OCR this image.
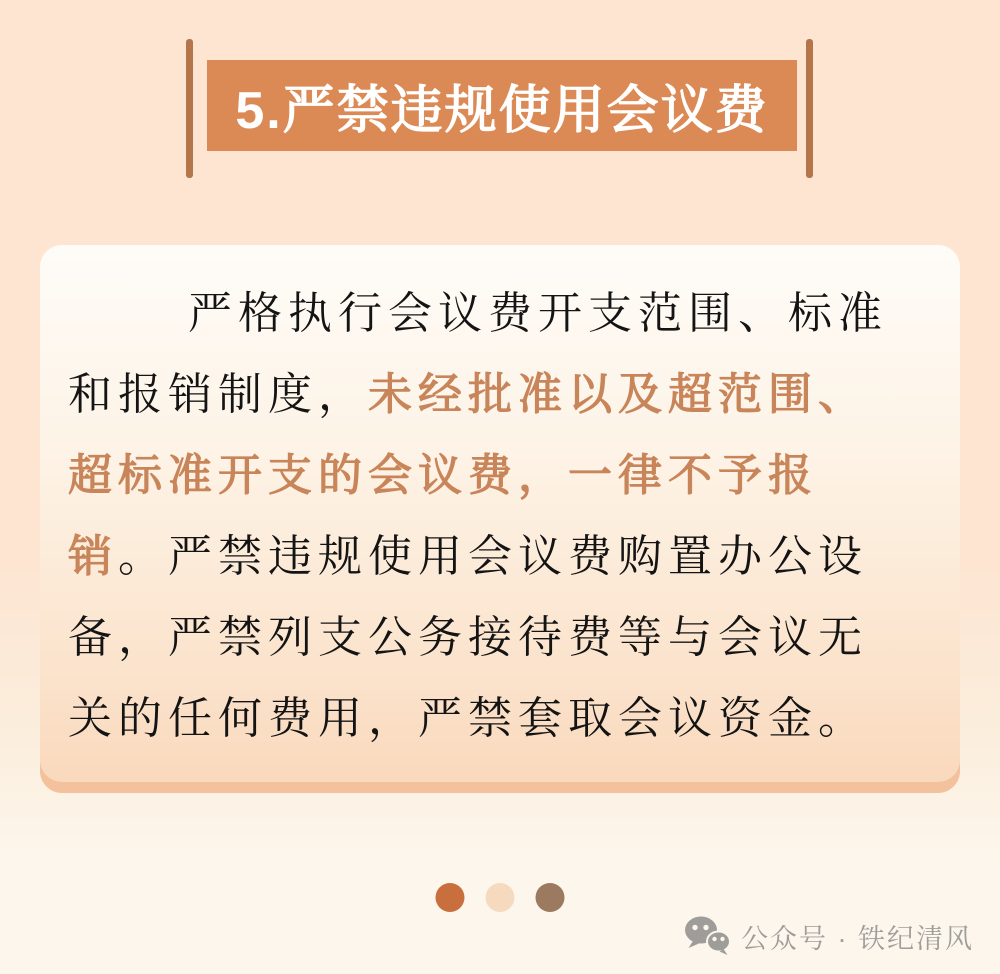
5.严禁违规使用会议费
严格执行会议费开支范围、标准
和报销制度，未经批准以及超范围、
超标准开支的会议费，一律不予报
销。严禁违规使用会议费购置办公设
备，严禁列支公务接待费等与会议无
关的任何费用，严禁套取会议资金。
公众号 · 铁纪清风
